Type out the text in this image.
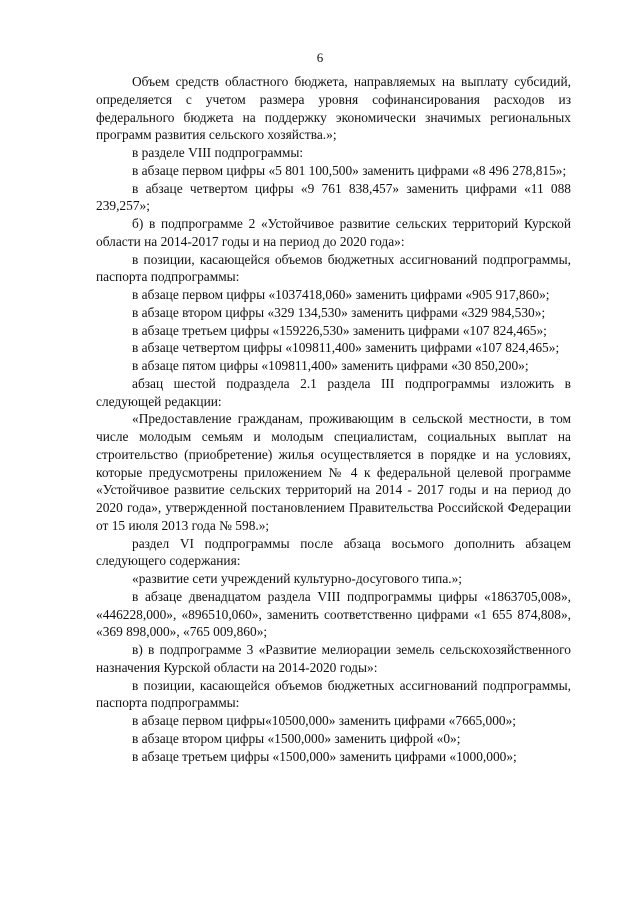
6

Объем средств областного бюджета, направляемых на выплату субсидий, определяется с учетом размера уровня софинансирования расходов из федерального бюджета на поддержку экономически значимых региональных программ развития сельского хозяйства.»;

в разделе VIII подпрограммы:

в абзаце первом цифры «5 801 100,500» заменить цифрами «8 496 278,815»;

в абзаце четвертом цифры «9 761 838,457» заменить цифрами «11 088 239,257»;

б) в подпрограмме 2 «Устойчивое развитие сельских территорий Курской области на 2014-2017 годы и на период до 2020 года»:

в позиции, касающейся объемов бюджетных ассигнований подпрограммы, паспорта подпрограммы:

в абзаце первом цифры «1037418,060» заменить цифрами «905 917,860»;

в абзаце втором цифры «329 134,530» заменить цифрами «329 984,530»;

в абзаце третьем цифры «159226,530» заменить цифрами «107 824,465»;

в абзаце четвертом цифры «109811,400» заменить цифрами «107 824,465»;

в абзаце пятом цифры «109811,400» заменить цифрами «30 850,200»;

абзац шестой подраздела 2.1 раздела III подпрограммы изложить в следующей редакции:

«Предоставление гражданам, проживающим в сельской местности, в том числе молодым семьям и молодым специалистам, социальных выплат на строительство (приобретение) жилья осуществляется в порядке и на условиях, которые предусмотрены приложением № 4 к федеральной целевой программе «Устойчивое развитие сельских территорий на 2014 - 2017 годы и на период до 2020 года», утвержденной постановлением Правительства Российской Федерации от 15 июля 2013 года № 598.»;

раздел VI подпрограммы после абзаца восьмого дополнить абзацем следующего содержания:

«развитие сети учреждений культурно-досугового типа.»;

в абзаце двенадцатом раздела VIII подпрограммы цифры «1863705,008», «446228,000», «896510,060», заменить соответственно цифрами «1 655 874,808», «369 898,000», «765 009,860»;

в) в подпрограмме 3 «Развитие мелиорации земель сельскохозяйственного назначения Курской области на 2014-2020 годы»:

в позиции, касающейся объемов бюджетных ассигнований подпрограммы, паспорта подпрограммы:

в абзаце первом цифры«10500,000» заменить цифрами «7665,000»;

в абзаце втором цифры «1500,000» заменить цифрой «0»;

в абзаце третьем цифры «1500,000» заменить цифрами «1000,000»;
